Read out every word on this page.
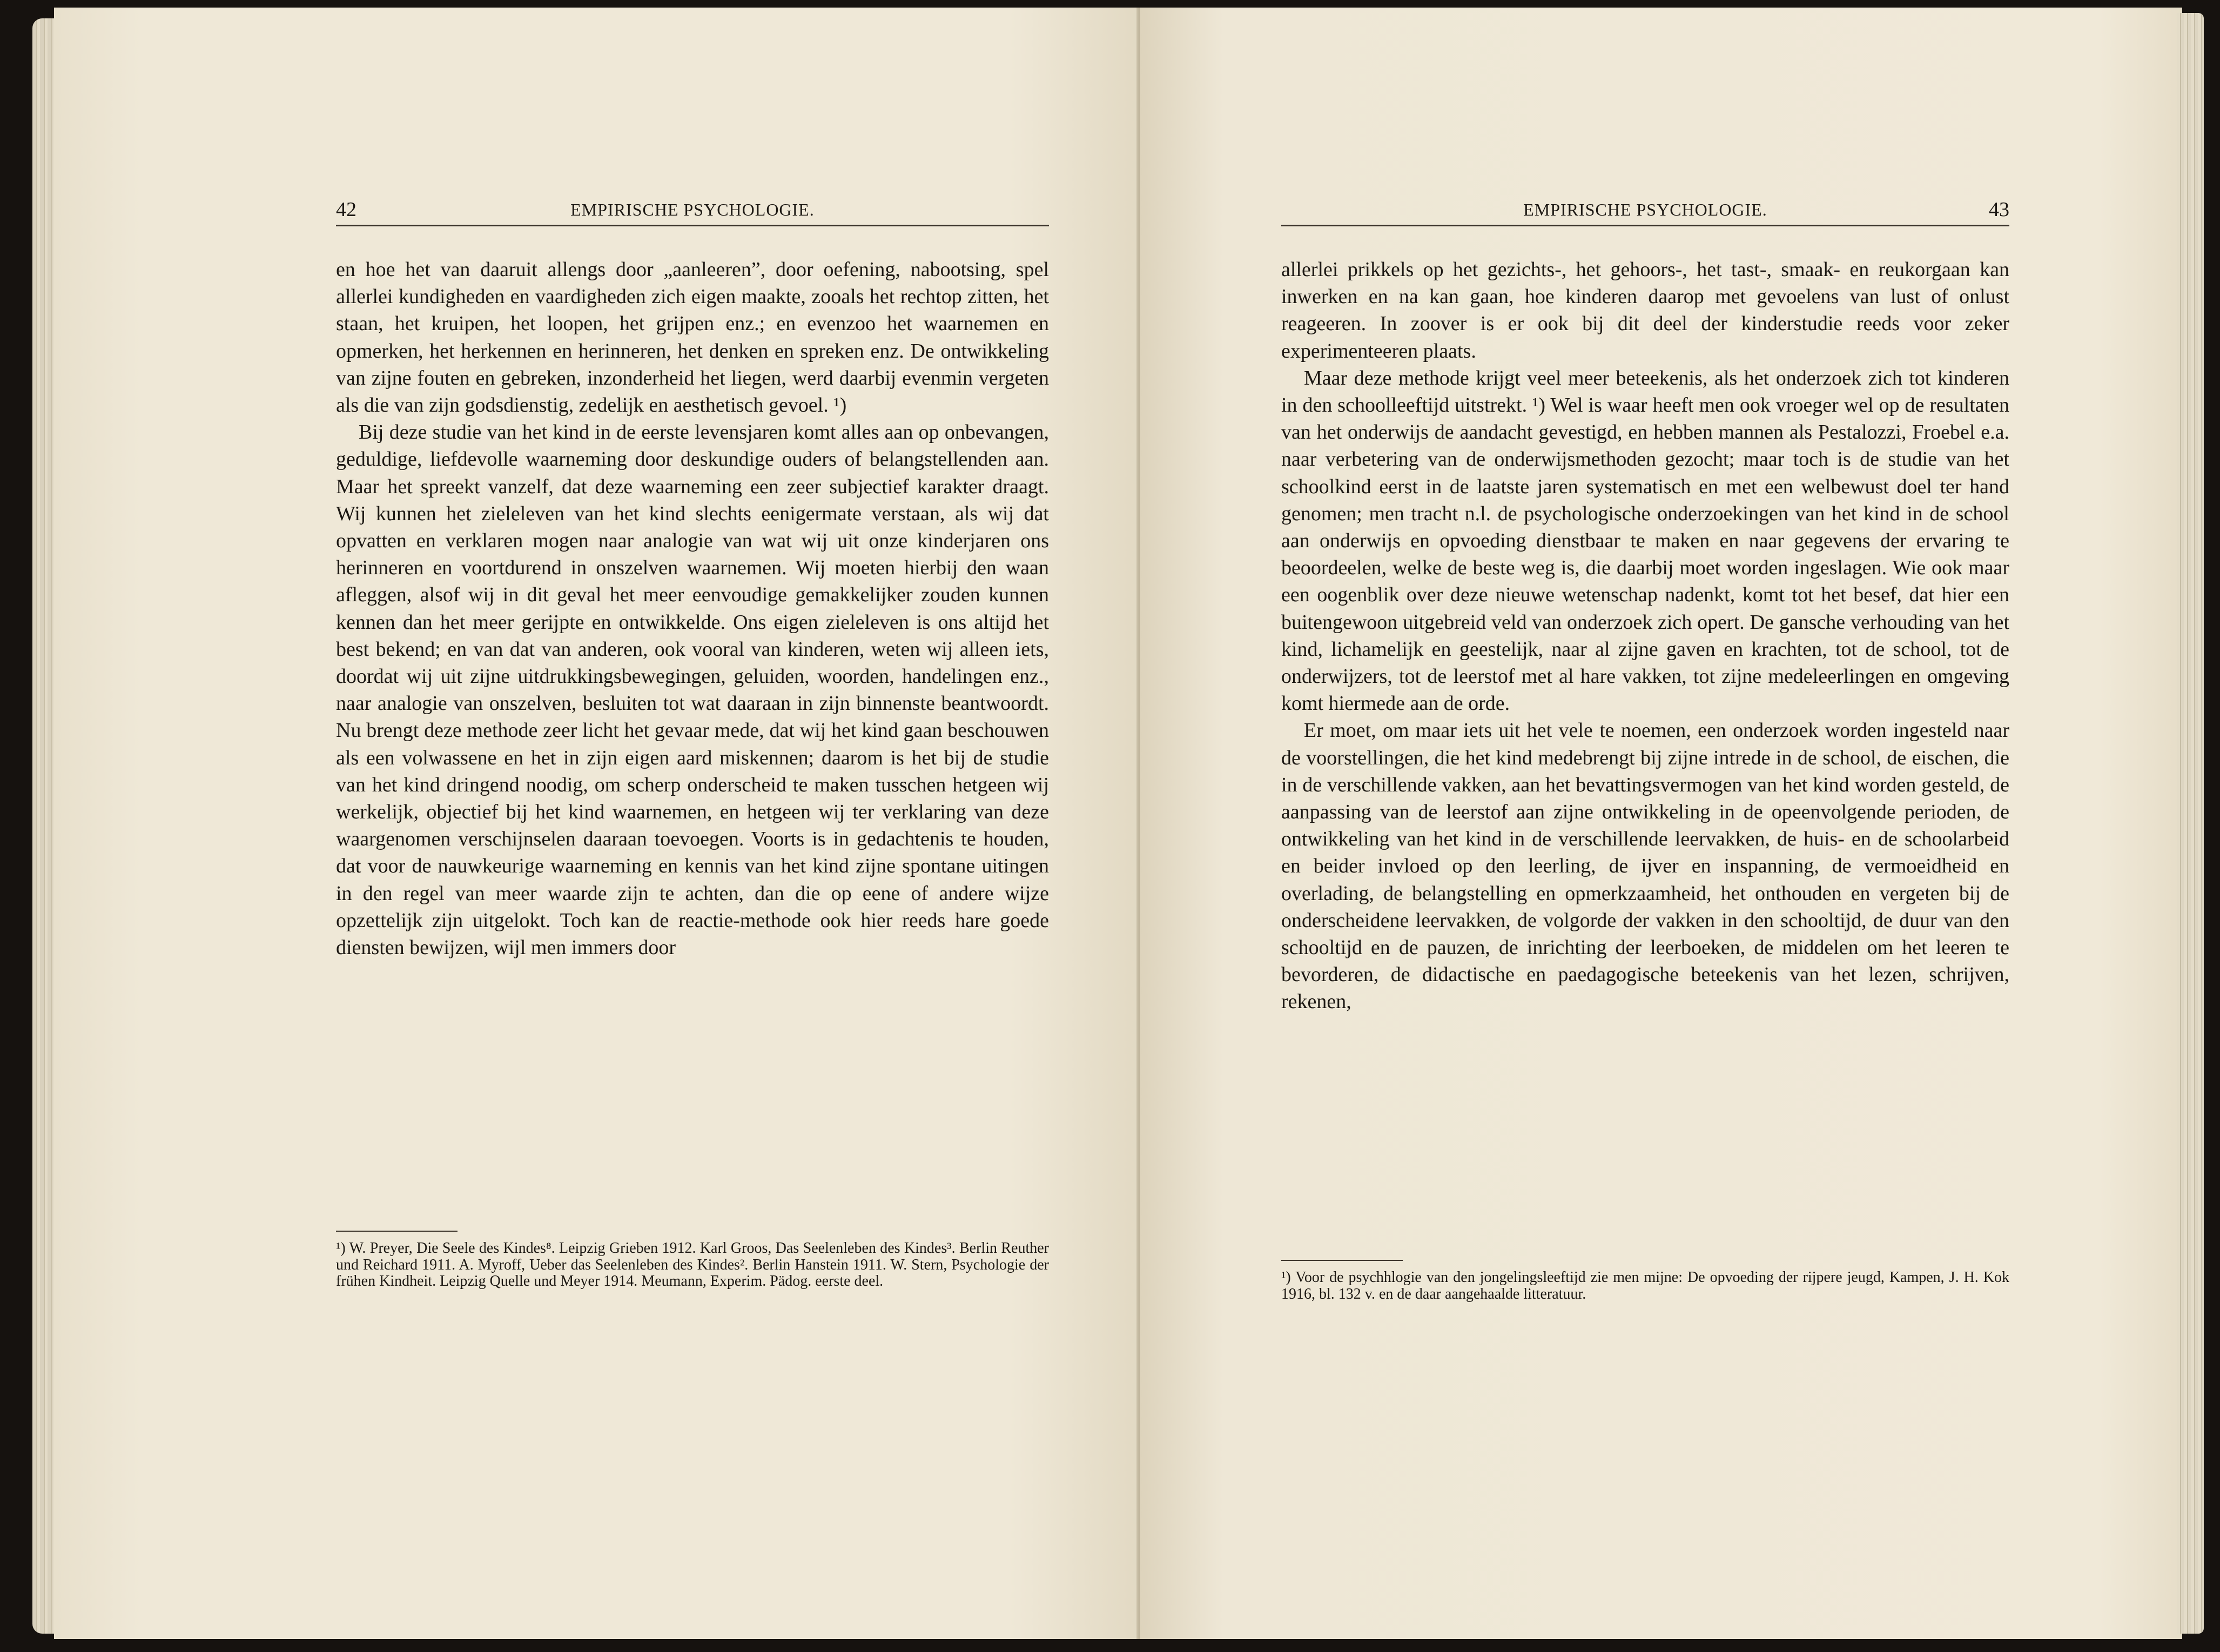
42	EMPIRISCHE PSYCHOLOGIE.

en hoe het van daaruit allengs door „aanleeren”, door oefening, nabootsing, spel allerlei kundigheden en vaardigheden zich eigen maakte, zooals het rechtop zitten, het staan, het kruipen, het loopen, het grijpen enz.; en evenzoo het waarnemen en opmerken, het herkennen en herinneren, het denken en spreken enz. De ontwikkeling van zijne fouten en gebreken, inzonderheid het liegen, werd daarbij evenmin vergeten als die van zijn godsdienstig, zedelijk en aesthetisch gevoel. ¹)

Bij deze studie van het kind in de eerste levensjaren komt alles aan op onbevangen, geduldige, liefdevolle waarneming door deskundige ouders of belangstellenden aan. Maar het spreekt vanzelf, dat deze waarneming een zeer subjectief karakter draagt. Wij kunnen het zieleleven van het kind slechts eenigermate verstaan, als wij dat opvatten en verklaren mogen naar analogie van wat wij uit onze kinderjaren ons herinneren en voortdurend in onszelven waarnemen. Wij moeten hierbij den waan afleggen, alsof wij in dit geval het meer eenvoudige gemakkelijker zouden kunnen kennen dan het meer gerijpte en ontwikkelde. Ons eigen zieleleven is ons altijd het best bekend; en van dat van anderen, ook vooral van kinderen, weten wij alleen iets, doordat wij uit zijne uitdrukkingsbewegingen, geluiden, woorden, handelingen enz., naar analogie van onszelven, besluiten tot wat daaraan in zijn binnenste beantwoordt. Nu brengt deze methode zeer licht het gevaar mede, dat wij het kind gaan beschouwen als een volwassene en het in zijn eigen aard miskennen; daarom is het bij de studie van het kind dringend noodig, om scherp onderscheid te maken tusschen hetgeen wij werkelijk, objectief bij het kind waarnemen, en hetgeen wij ter verklaring van deze waargenomen verschijnselen daaraan toevoegen. Voorts is in gedachtenis te houden, dat voor de nauwkeurige waarneming en kennis van het kind zijne spontane uitingen in den regel van meer waarde zijn te achten, dan die op eene of andere wijze opzettelijk zijn uitgelokt. Toch kan de reactie-methode ook hier reeds hare goede diensten bewijzen, wijl men immers door

¹) W. Preyer, Die Seele des Kindes⁸. Leipzig Grieben 1912. Karl Groos, Das Seelenleben des Kindes³. Berlin Reuther und Reichard 1911. A. Myroff, Ueber das Seelenleben des Kindes². Berlin Hanstein 1911. W. Stern, Psychologie der frühen Kindheit. Leipzig Quelle und Meyer 1914. Meumann, Experim. Pädog. eerste deel.

EMPIRISCHE PSYCHOLOGIE.	43

allerlei prikkels op het gezichts-, het gehoors-, het tast-, smaak- en reukorgaan kan inwerken en na kan gaan, hoe kinderen daarop met gevoelens van lust of onlust reageeren. In zoover is er ook bij dit deel der kinderstudie reeds voor zeker experimenteeren plaats.

Maar deze methode krijgt veel meer beteekenis, als het onderzoek zich tot kinderen in den schoolleeftijd uitstrekt. ¹) Wel is waar heeft men ook vroeger wel op de resultaten van het onderwijs de aandacht gevestigd, en hebben mannen als Pestalozzi, Froebel e.a. naar verbetering van de onderwijsmethoden gezocht; maar toch is de studie van het schoolkind eerst in de laatste jaren systematisch en met een welbewust doel ter hand genomen; men tracht n.l. de psychologische onderzoekingen van het kind in de school aan onderwijs en opvoeding dienstbaar te maken en naar gegevens der ervaring te beoordeelen, welke de beste weg is, die daarbij moet worden ingeslagen. Wie ook maar een oogenblik over deze nieuwe wetenschap nadenkt, komt tot het besef, dat hier een buitengewoon uitgebreid veld van onderzoek zich opert. De gansche verhouding van het kind, lichamelijk en geestelijk, naar al zijne gaven en krachten, tot de school, tot de onderwijzers, tot de leerstof met al hare vakken, tot zijne medeleerlingen en omgeving komt hiermede aan de orde.

Er moet, om maar iets uit het vele te noemen, een onderzoek worden ingesteld naar de voorstellingen, die het kind medebrengt bij zijne intrede in de school, de eischen, die in de verschillende vakken, aan het bevattingsvermogen van het kind worden gesteld, de aanpassing van de leerstof aan zijne ontwikkeling in de opeenvolgende perioden, de ontwikkeling van het kind in de verschillende leervakken, de huis- en de schoolarbeid en beider invloed op den leerling, de ijver en inspanning, de vermoeidheid en overlading, de belangstelling en opmerkzaamheid, het onthouden en vergeten bij de onderscheidene leervakken, de volgorde der vakken in den schooltijd, de duur van den schooltijd en de pauzen, de inrichting der leerboeken, de middelen om het leeren te bevorderen, de didactische en paedagogische beteekenis van het lezen, schrijven, rekenen,

¹) Voor de psychhlogie van den jongelingsleeftijd zie men mijne: De opvoeding der rijpere jeugd, Kampen, J. H. Kok 1916, bl. 132 v. en de daar aangehaalde litteratuur.
